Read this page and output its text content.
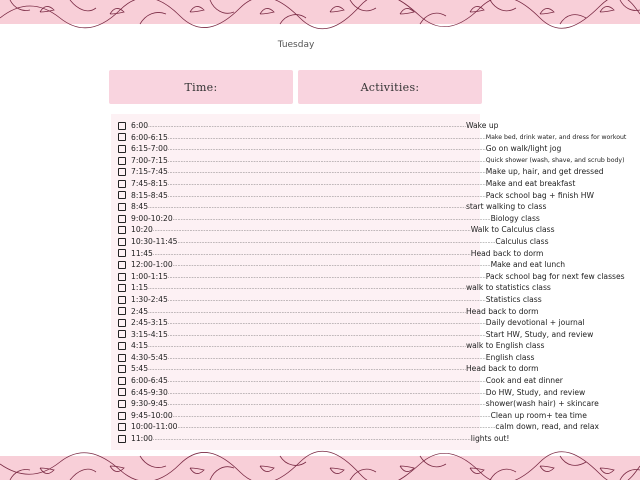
Tuesday
Time:	Activities:
6:00 ........................................................................................................................................................................................................ Wake up
6:00-6:15 ........................................................................................................................................................................................................ Make bed, drink water, and dress for workout
6:15-7:00 ........................................................................................................................................................................................................ Go on walk/light jog
7:00-7:15 ........................................................................................................................................................................................................ Quick shower (wash, shave, and scrub body)
7:15-7:45 ........................................................................................................................................................................................................ Make up, hair, and get dressed
7:45-8:15 ........................................................................................................................................................................................................ Make and eat breakfast
8:15-8:45 ........................................................................................................................................................................................................ Pack school bag + finish HW
8:45 ........................................................................................................................................................................................................ start walking to class
9:00-10:20 ........................................................................................................................................................................................................ Biology class
10:20 ........................................................................................................................................................................................................ Walk to Calculus class
10:30-11:45 ........................................................................................................................................................................................................ Calculus class
11:45 ........................................................................................................................................................................................................ Head back to dorm
12:00-1:00 ........................................................................................................................................................................................................ Make and eat lunch
1:00-1:15 ........................................................................................................................................................................................................ Pack school bag for next few classes
1:15 ........................................................................................................................................................................................................ walk to statistics class
1:30-2:45 ........................................................................................................................................................................................................ Statistics class
2:45 ........................................................................................................................................................................................................ Head back to dorm
2:45-3:15 ........................................................................................................................................................................................................ Daily devotional + journal
3:15-4:15 ........................................................................................................................................................................................................ Start HW, Study, and review
4:15 ........................................................................................................................................................................................................ walk to English class
4:30-5:45 ........................................................................................................................................................................................................ English class
5:45 ........................................................................................................................................................................................................ Head back to dorm
6:00-6:45 ........................................................................................................................................................................................................ Cook and eat dinner
6:45-9:30 ........................................................................................................................................................................................................ Do HW, Study, and review
9:30-9:45 ........................................................................................................................................................................................................ shower(wash hair) + skincare
9:45-10:00 ........................................................................................................................................................................................................ Clean up room+ tea time
10:00-11:00 ........................................................................................................................................................................................................ calm down, read, and relax
11:00 ........................................................................................................................................................................................................ lights out!
